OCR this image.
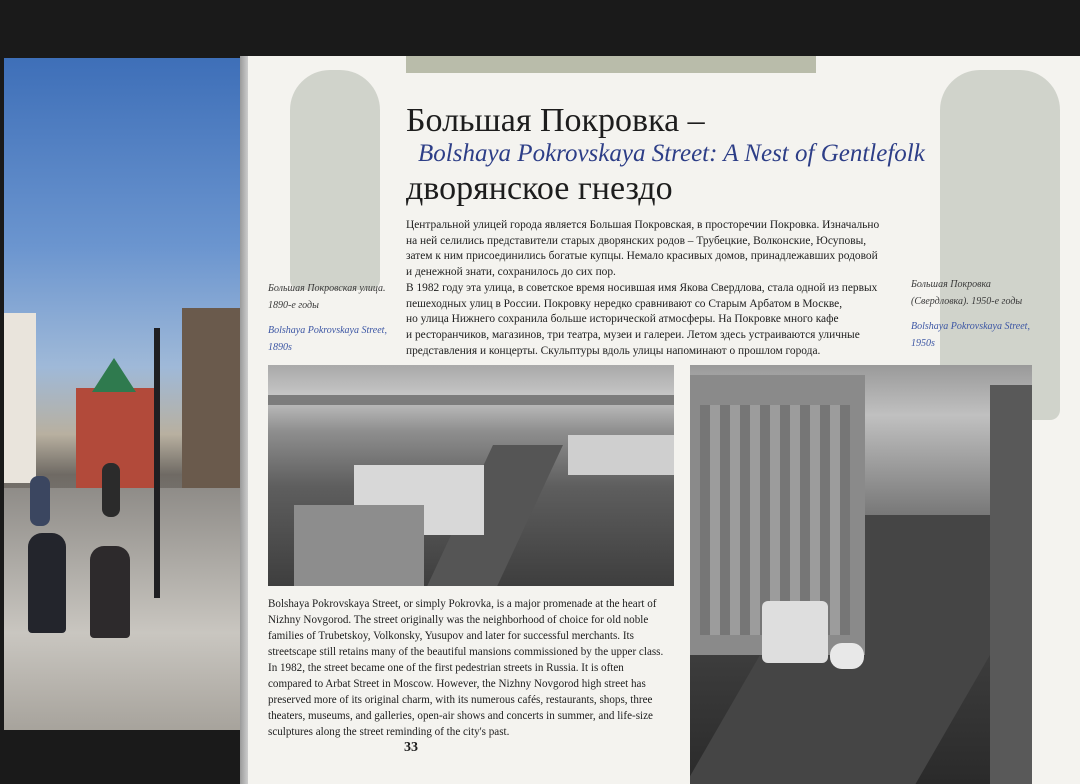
Большая Покровка –
Bolshaya Pokrovskaya Street: A Nest of Gentlefolk
дворянское гнездо

Центральной улицей города является Большая Покровская, в просторечии Покровка. Изначально

на ней селились представители старых дворянских родов – Трубецкие, Волконские, Юсуповы,

затем к ним присоединились богатые купцы. Немало красивых домов, принадлежавших родовой

и денежной знати, сохранилось до сих пор.

В 1982 году эта улица, в советское время носившая имя Якова Свердлова, стала одной из первых

пешеходных улиц в России. Покровку нередко сравнивают со Старым Арбатом в Москве,

но улица Нижнего сохранила больше исторической атмосферы. На Покровке много кафе

и ресторанчиков, магазинов, три театра, музеи и галереи. Летом здесь устраиваются уличные

представления и концерты. Скульптуры вдоль улицы напоминают о прошлом города.

Большая Покровская улица.
1890-е годы
Bolshaya Pokrovskaya Street,
1890s
Большая Покровка
(Свердловка). 1950-е годы
Bolshaya Pokrovskaya Street,
1950s

Bolshaya Pokrovskaya Street, or simply Pokrovka, is a major promenade at the heart of

Nizhny Novgorod. The street originally was the neighborhood of choice for old noble

families of Trubetskoy, Volkonsky, Yusupov and later for successful merchants. Its

streetscape still retains many of the beautiful mansions commissioned by the upper class.

In 1982, the street became one of the first pedestrian streets in Russia. It is often

compared to Arbat Street in Moscow. However, the Nizhny Novgorod high street has

preserved more of its original charm, with its numerous cafés, restaurants, shops, three

theaters, museums, and galleries, open-air shows and concerts in summer, and life-size

sculptures along the street reminding of the city's past.

33
